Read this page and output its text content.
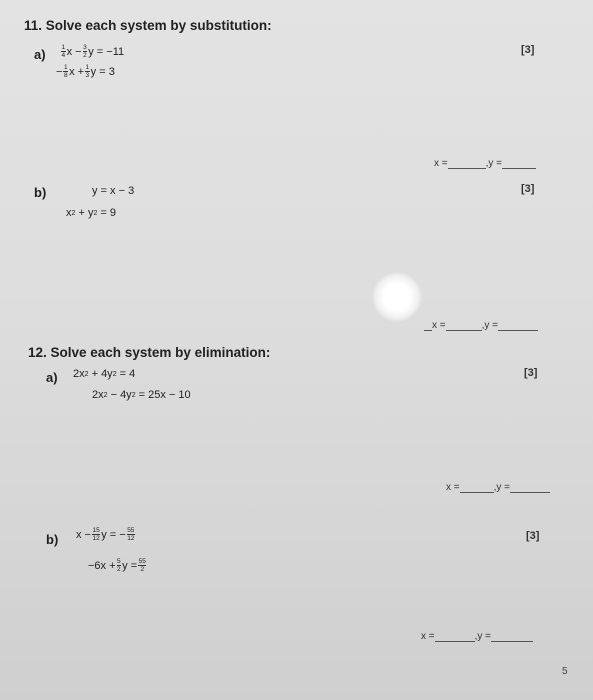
11. Solve each system by substitution:
a)	[3]
$\frac{1}{4}$ $x - \frac{3}{2}$ y = −11
− $\frac{1}{8}$ $x + \frac{1}{3}$ y = 3
x =	,y =
b)	[3]
y = x − 3
x 2 + y 2 = 9
x =	,y =
12. Solve each system by elimination:
a)	[3]
2x 2 + 4y 2 = 4
2x 2 − 4y 2 = 25x − 10
x =	,y =
b)	[3]
$x - \frac{15}{12}$ y = − $\frac{55}{12}$
$-6x + \frac{5}{2}$ $y = \frac{55}{2}$
x =	,y =
5
